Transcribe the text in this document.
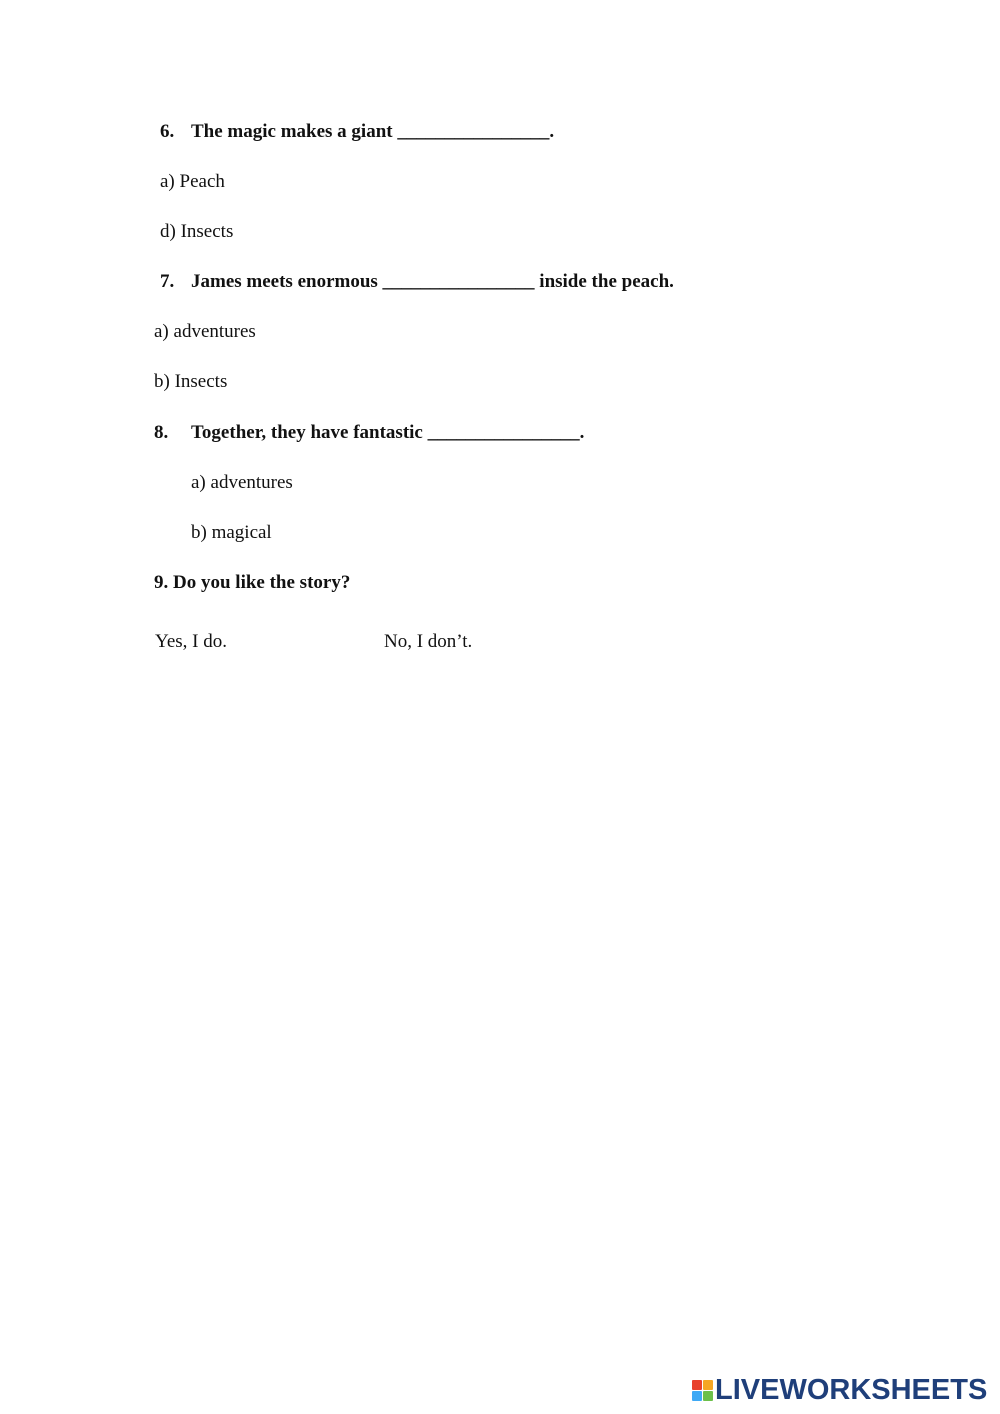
6. The magic makes a giant ________________.
a) Peach
d) Insects
7. James meets enormous ________________ inside the peach.
a) adventures
b) Insects
8. Together, they have fantastic ________________.
a) adventures
b) magical
9. Do you like the story?
Yes, I do.	No, I don’t.
LIVEWORKSHEETS
